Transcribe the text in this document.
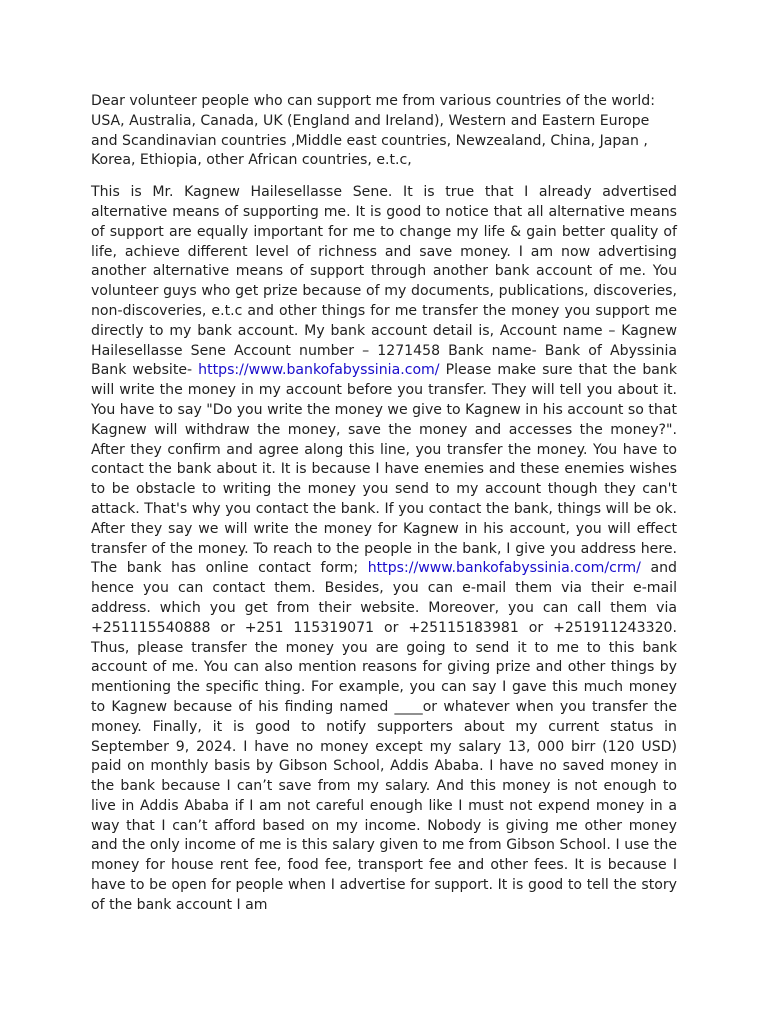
Dear volunteer people who can support me from various countries of the world: USA, Australia, Canada, UK (England and Ireland), Western and Eastern Europe and Scandinavian countries ,Middle east countries, Newzealand, China, Japan , Korea, Ethiopia, other African countries, e.t.c,

This is Mr. Kagnew Hailesellasse Sene. It is true that I already advertised alternative means of supporting me. It is good to notice that all alternative means of support are equally important for me to change my life & gain better quality of life, achieve different level of richness and save money. I am now advertising another alternative means of support through another bank account of me. You volunteer guys who get prize because of my documents, publications, discoveries, non-discoveries, e.t.c and other things for me transfer the money you support me directly to my bank account. My bank account detail is, Account name – Kagnew Hailesellasse Sene Account number – 1271458 Bank name- Bank of Abyssinia Bank website- https://www.bankofabyssinia.com/ Please make sure that the bank will write the money in my account before you transfer. They will tell you about it. You have to say "Do you write the money we give to Kagnew in his account so that Kagnew will withdraw the money, save the money and accesses the money?". After they confirm and agree along this line, you transfer the money. You have to contact the bank about it. It is because I have enemies and these enemies wishes to be obstacle to writing the money you send to my account though they can't attack. That's why you contact the bank. If you contact the bank, things will be ok. After they say we will write the money for Kagnew in his account, you will effect transfer of the money. To reach to the people in the bank, I give you address here. The bank has online contact form; https://www.bankofabyssinia.com/crm/ and hence you can contact them. Besides, you can e-mail them via their e-mail address. which you get from their website. Moreover, you can call them via +251115540888 or +251 115319071 or +25115183981 or +251911243320. Thus, please transfer the money you are going to send it to me to this bank account of me. You can also mention reasons for giving prize and other things by mentioning the specific thing. For example, you can say I gave this much money to Kagnew because of his finding named ____or whatever when you transfer the money. Finally, it is good to notify supporters about my current status in September 9, 2024. I have no money except my salary 13, 000 birr (120 USD) paid on monthly basis by Gibson School, Addis Ababa. I have no saved money in the bank because I can’t save from my salary. And this money is not enough to live in Addis Ababa if I am not careful enough like I must not expend money in a way that I can’t afford based on my income. Nobody is giving me other money and the only income of me is this salary given to me from Gibson School. I use the money for house rent fee, food fee, transport fee and other fees. It is because I have to be open for people when I advertise for support. It is good to tell the story of the bank account I am
